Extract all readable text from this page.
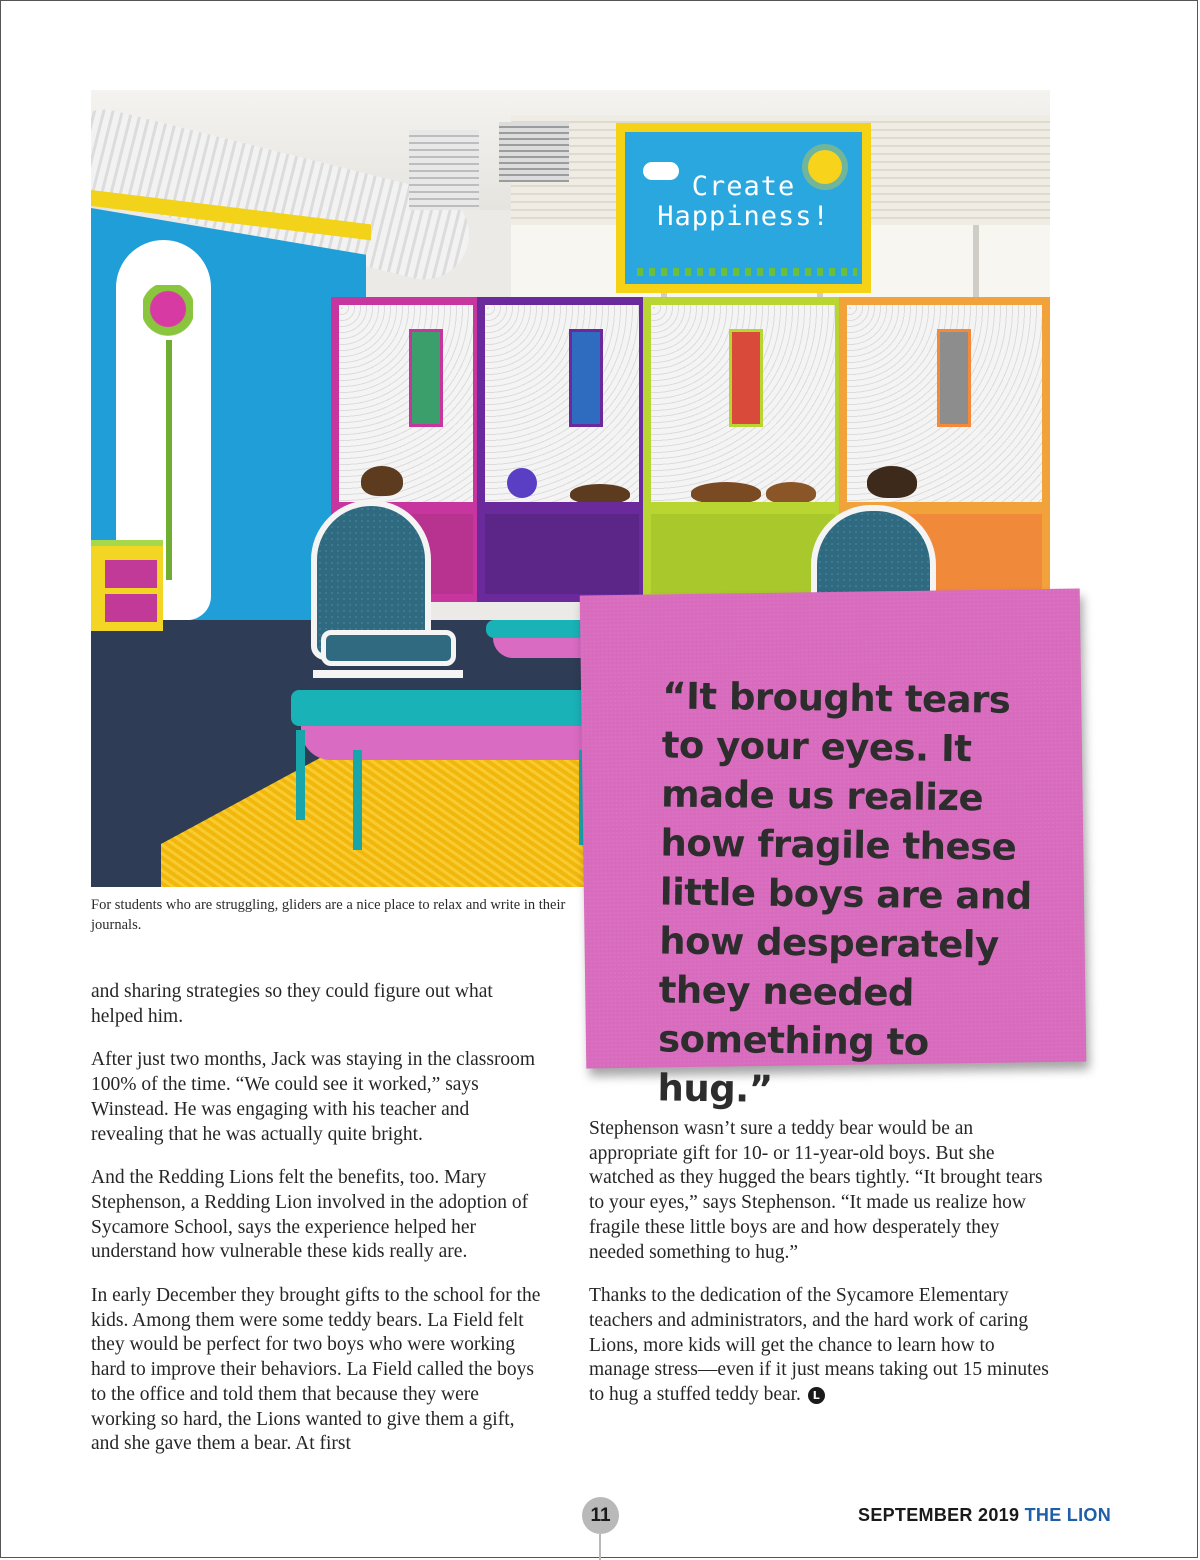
Create
Happiness!
For students who are struggling, gliders are a nice place to relax and write in their journals.
“It brought tears to your eyes. It made us realize how fragile these little boys are and how desperately they needed something to hug.”

and sharing strategies so they could figure out what helped him.

After just two months, Jack was staying in the classroom 100% of the time. “We could see it worked,” says Winstead. He was engaging with his teacher and revealing that he was actually quite bright.

And the Redding Lions felt the benefits, too. Mary Stephenson, a Redding Lion involved in the adoption of Sycamore School, says the experience helped her understand how vulnerable these kids really are.

In early December they brought gifts to the school for the kids. Among them were some teddy bears. La Field felt they would be perfect for two boys who were working hard to improve their behaviors. La Field called the boys to the office and told them that because they were working so hard, the Lions wanted to give them a gift, and she gave them a bear. At first

Stephenson wasn’t sure a teddy bear would be an appropriate gift for 10- or 11-year-old boys. But she watched as they hugged the bears tightly. “It brought tears to your eyes,” says Stephenson. “It made us realize how fragile these little boys are and how desperately they needed something to hug.”

Thanks to the dedication of the Sycamore Elementary teachers and administrators, and the hard work of caring Lions, more kids will get the chance to learn how to manage stress—even if it just means taking out 15 minutes to hug a stuffed teddy bear. L

11	SEPTEMBER 2019 THE LION
